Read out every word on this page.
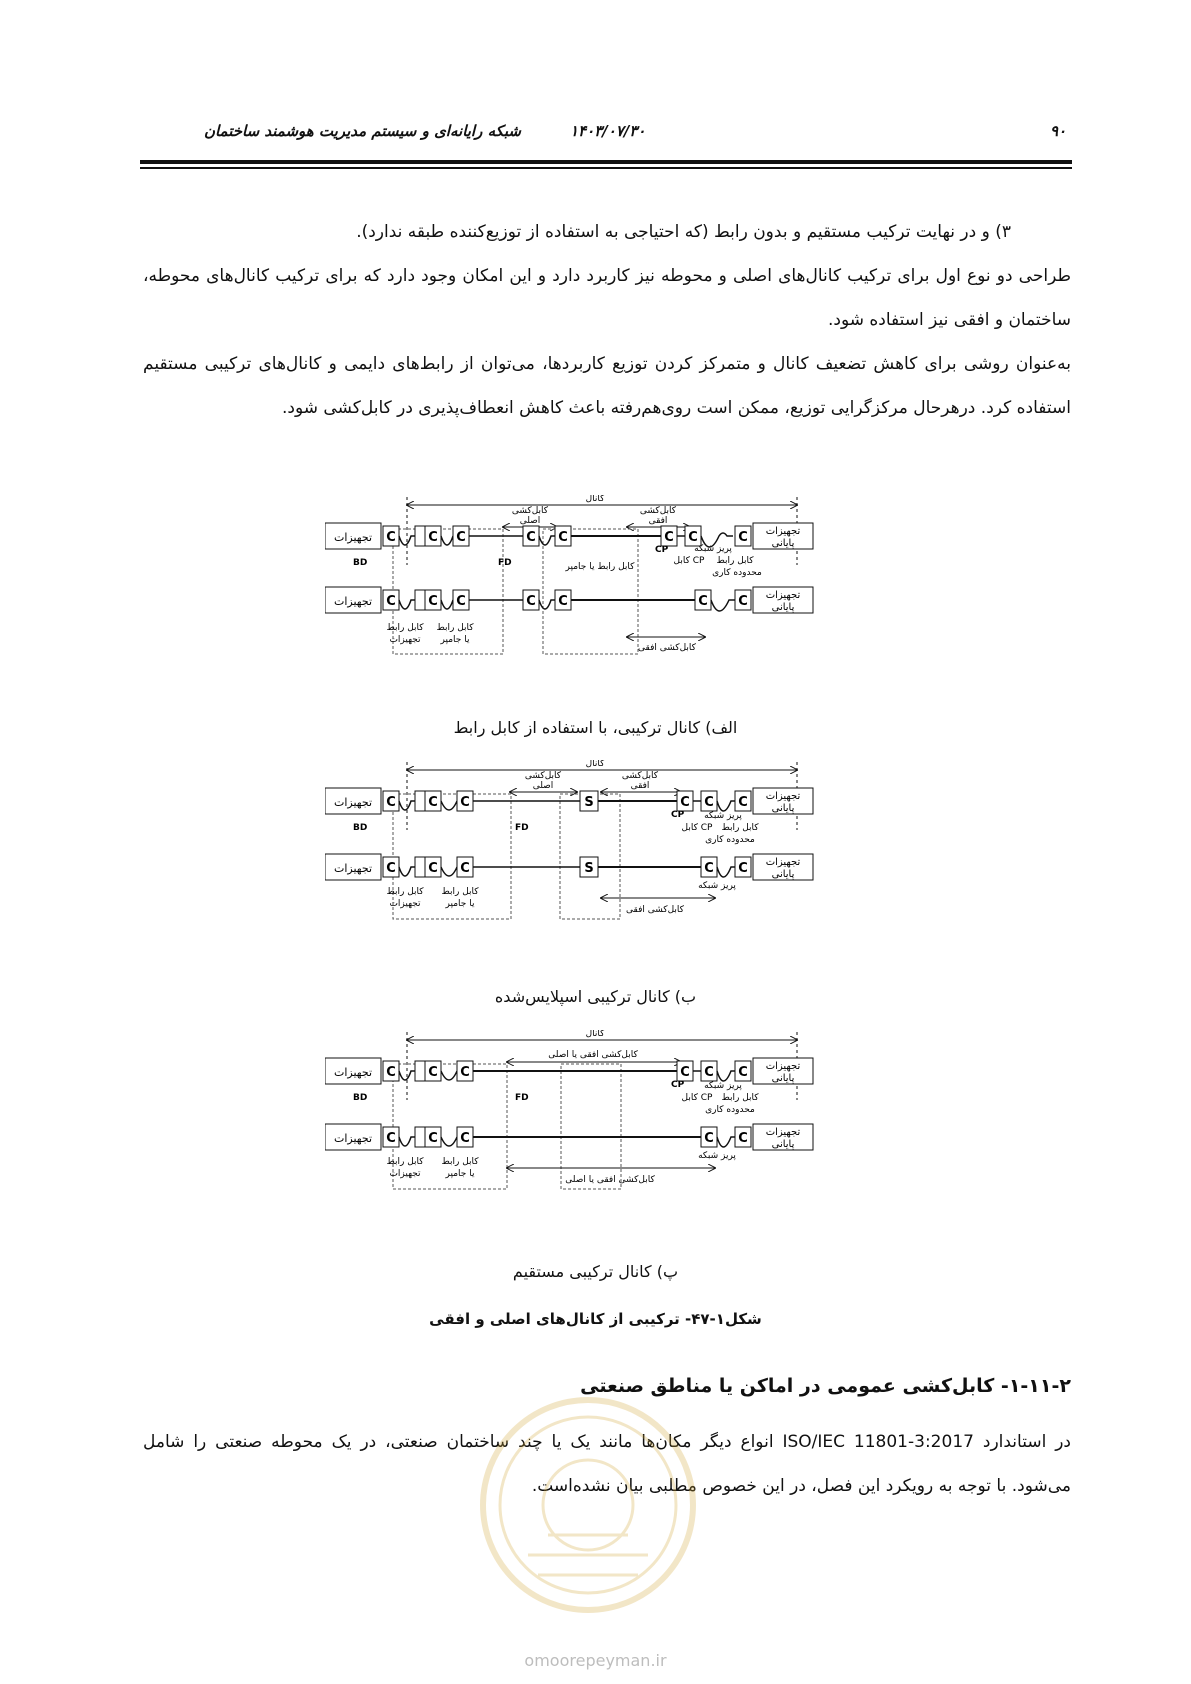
۹۰
۱۴۰۳/۰۷/۳۰
شبکه رایانه‌ای و سیستم مدیریت هوشمند ساختمان

۳) و در نهایت ترکیب مستقیم و بدون رابط (که احتیاجی به استفاده از توزیع‌کننده طبقه ندارد).

طراحی دو نوع اول برای ترکیب کانال‌های اصلی و محوطه نیز کاربرد دارد و این امکان وجود دارد که برای ترکیب کانال‌های محوطه، ساختمان و افقی نیز استفاده شود.

به‌عنوان روشی برای کاهش تضعیف کانال و متمرکز کردن توزیع کاربردها، می‌توان از رابط‌های دایمی و کانال‌های ترکیبی مستقیم استفاده کرد. درهرحال مرکزگرایی توزیع، ممکن است روی‌هم‌رفته باعث کاهش انعطاف‌پذیری در کابل‌کشی شود.

کانال
کابل‌کشی
اصلی
کابل‌کشی
افقی
تجهیزات C C C	C C	C C	C تجهیزات
پایانی
BD	FD
CP
کابل رابط یا جامپر
پریز شبکه
کابل CP کابل رابط
محدوده کاری
تجهیزات C C C	C C	C C تجهیزات
پایانی
کابل‌کشی افقی
کابل رابط
تجهیزات
کابل رابط
یا جامپر
الف) کانال ترکیبی، با استفاده از کابل رابط
کانال
کابل‌کشی
اصلی
کابل‌کشی
افقی
تجهیزات C C C	S	C C C تجهیزات
پایانی
BD	FD
CP پریز شبکه
کابل CP کابل رابط
محدوده کاری
تجهیزات C C C	S	C C تجهیزات
پایانی
پریز شبکه
کابل‌کشی افقی
کابل رابط
تجهیزات
کابل رابط
یا جامپر
ب) کانال ترکیبی اسپلایس‌شده
کانال
کابل‌کشی افقی یا اصلی
تجهیزات C C C	C C C تجهیزات
پایانی
BD	FD
CP پریز شبکه
کابل CP کابل رابط
محدوده کاری
تجهیزات C C C	C C تجهیزات
پایانی
پریز شبکه
کابل‌کشی افقی یا اصلی
کابل رابط
تجهیزات
کابل رابط
یا جامپر
پ) کانال ترکیبی مستقیم
شکل۱-۴۷- ترکیبی از کانال‌های اصلی و افقی
۱-۱۱-۲- کابل‌کشی عمومی در اماکن یا مناطق صنعتی

در استاندارد ISO/IEC 11801-3:2017 انواع دیگر مکان‌ها مانند یک یا چند ساختمان صنعتی، در یک محوطه صنعتی را شامل می‌شود. با توجه به رویکرد این فصل، در این خصوص مطلبی بیان نشده‌است.

omoorepeyman.ir
